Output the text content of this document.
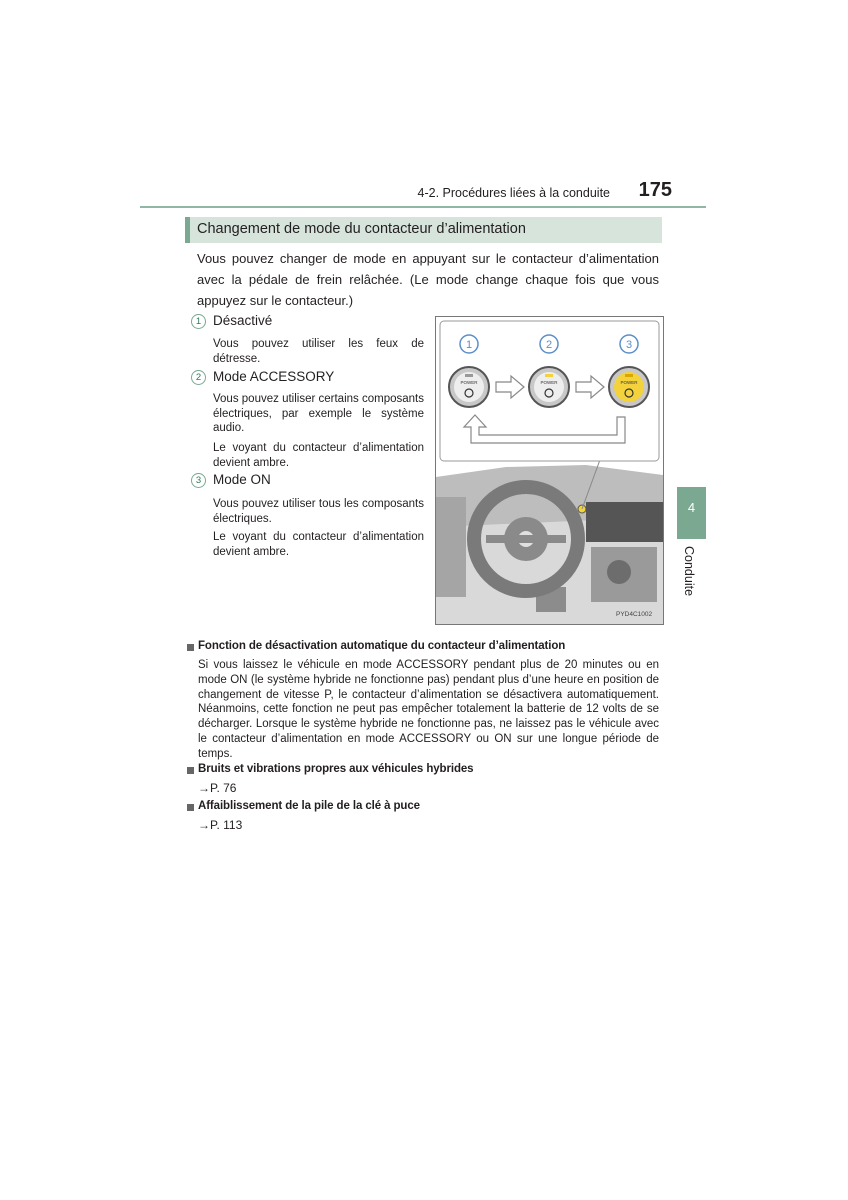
4-2. Procédures liées à la conduite	175
4
Conduite
Changement de mode du contacteur d’alimentation
Vous pouvez changer de mode en appuyant sur le contacteur d’alimentation avec la pédale de frein relâchée. (Le mode change chaque fois que vous appuyez sur le contacteur.)
1 Désactivé
Vous pouvez utiliser les feux de détresse.
2 Mode ACCESSORY
Vous pouvez utiliser certains composants électriques, par exemple le système audio.
Le voyant du contacteur d’alimentation devient ambre.
3 Mode ON
Vous pouvez utiliser tous les composants électriques.
Le voyant du contacteur d’alimentation devient ambre.
1	2	3
POWER	POWER	POWER
PYD4C1002
Fonction de désactivation automatique du contacteur d’alimentation
Si vous laissez le véhicule en mode ACCESSORY pendant plus de 20 minutes ou en mode ON (le système hybride ne fonctionne pas) pendant plus d’une heure en position de changement de vitesse P, le contacteur d’alimentation se désactivera automatiquement. Néanmoins, cette fonction ne peut pas empêcher totalement la batterie de 12 volts de se décharger. Lorsque le système hybride ne fonctionne pas, ne laissez pas le véhicule avec le contacteur d’alimentation en mode ACCESSORY ou ON sur une longue période de temps.
Bruits et vibrations propres aux véhicules hybrides
→P. 76
Affaiblissement de la pile de la clé à puce
→P. 113
